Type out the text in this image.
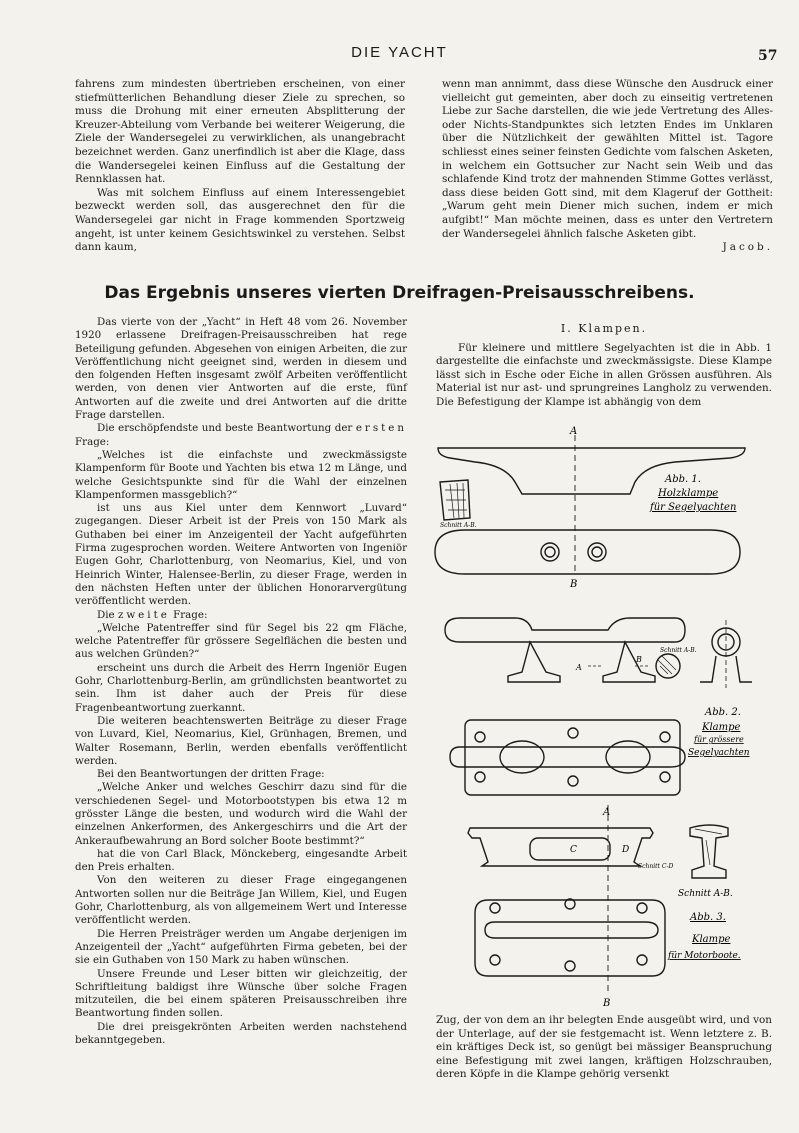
DIE YACHT	57

fahrens zum mindesten übertrieben erscheinen, von einer stiefmütterlichen Behandlung dieser Ziele zu sprechen, so muss die Drohung mit einer erneuten Absplitterung der Kreuzer-Abteilung vom Verbande bei weiterer Weigerung, die Ziele der Wandersegelei zu verwirklichen, als unangebracht bezeichnet werden. Ganz unerfindlich ist aber die Klage, dass die Wandersegelei keinen Einfluss auf die Gestaltung der Rennklassen hat.

Was mit solchem Einfluss auf einem Interessengebiet bezweckt werden soll, das ausgerechnet den für die Wandersegelei gar nicht in Frage kommenden Sportzweig angeht, ist unter keinem Gesichtswinkel zu verstehen. Selbst dann kaum,

wenn man annimmt, dass diese Wünsche den Ausdruck einer vielleicht gut gemeinten, aber doch zu einseitig vertretenen Liebe zur Sache darstellen, die wie jede Vertretung des Alles- oder Nichts-Standpunktes sich letzten Endes im Unklaren über die Nützlichkeit der gewählten Mittel ist. Tagore schliesst eines seiner feinsten Gedichte vom falschen Asketen, in welchem ein Gottsucher zur Nacht sein Weib und das schlafende Kind trotz der mahnenden Stimme Gottes verlässt, dass diese beiden Gott sind, mit dem Klageruf der Gottheit: „Warum geht mein Diener mich suchen, indem er mich aufgibt!“ Man möchte meinen, dass es unter den Vertretern der Wandersegelei ähnlich falsche Asketen gibt.

Jacob.
Das Ergebnis unseres vierten Dreifragen-Preisausschreibens.

Das vierte von der „Yacht“ in Heft 48 vom 26. November 1920 erlassene Dreifragen-Preisausschreiben hat rege Beteiligung gefunden. Abgesehen von einigen Arbeiten, die zur Veröffentlichung nicht geeignet sind, werden in diesem und den folgenden Heften insgesamt zwölf Arbeiten veröffentlicht werden, von denen vier Antworten auf die erste, fünf Antworten auf die zweite und drei Antworten auf die dritte Frage darstellen.

Die erschöpfendste und beste Beantwortung der ersten Frage:

„Welches ist die einfachste und zweckmässigste Klampenform für Boote und Yachten bis etwa 12 m Länge, und welche Gesichtspunkte sind für die Wahl der einzelnen Klampenformen massgeblich?“

ist uns aus Kiel unter dem Kennwort „Luvard“ zugegangen. Dieser Arbeit ist der Preis von 150 Mark als Guthaben bei einer im Anzeigenteil der Yacht aufgeführten Firma zugesprochen worden. Weitere Antworten von Ingeniör Eugen Gohr, Charlottenburg, von Neomarius, Kiel, und von Heinrich Winter, Halensee-Berlin, zu dieser Frage, werden in den nächsten Heften unter der üblichen Honorarvergütung veröffentlicht werden.

Die zweite Frage:

„Welche Patentreffer sind für Segel bis 22 qm Fläche, welche Patentreffer für grössere Segelflächen die besten und aus welchen Gründen?“

erscheint uns durch die Arbeit des Herrn Ingeniör Eugen Gohr, Charlottenburg-Berlin, am gründlichsten beantwortet zu sein. Ihm ist daher auch der Preis für diese Fragenbeantwortung zuerkannt.

Die weiteren beachtenswerten Beiträge zu dieser Frage von Luvard, Kiel, Neomarius, Kiel, Grünhagen, Bremen, und Walter Rosemann, Berlin, werden ebenfalls veröffentlicht werden.

Bei den Beantwortungen der dritten Frage:

„Welche Anker und welches Geschirr dazu sind für die verschiedenen Segel- und Motorbootstypen bis etwa 12 m grösster Länge die besten, und wodurch wird die Wahl der einzelnen Ankerformen, des Ankergeschirrs und die Art der Ankeraufbewahrung an Bord solcher Boote bestimmt?“

hat die von Carl Black, Mönckeberg, eingesandte Arbeit den Preis erhalten.

Von den weiteren zu dieser Frage eingegangenen Antworten sollen nur die Beiträge Jan Willem, Kiel, und Eugen Gohr, Charlottenburg, als von allgemeinem Wert und Interesse veröffentlicht werden.

Die Herren Preisträger werden um Angabe derjenigen im Anzeigenteil der „Yacht“ aufgeführten Firma gebeten, bei der sie ein Guthaben von 150 Mark zu haben wünschen.

Unsere Freunde und Leser bitten wir gleichzeitig, der Schriftleitung baldigst ihre Wünsche über solche Fragen mitzuteilen, die bei einem späteren Preisausschreiben ihre Beantwortung finden sollen.

Die drei preisgekrönten Arbeiten werden nachstehend bekanntgegeben.

I. Klampen.

Für kleinere und mittlere Segelyachten ist die in Abb. 1 dargestellte die einfachste und zweckmässigste. Diese Klampe lässt sich in Esche oder Eiche in allen Grössen ausführen. Als Material ist nur ast- und sprungreines Langholz zu verwenden. Die Befestigung der Klampe ist abhängig von dem

A
B
Abb. 1.
Holzklampe
für Segelyachten
Schnitt A-B.
A
B
Schnitt A-B.
Abb. 2.
Klampe
für grössere
Segelyachten
A
B
C	D
Schnitt C-D
Schnitt A-B.
Abb. 3.
Klampe
für Motorboote.

Zug, der von dem an ihr belegten Ende ausgeübt wird, und von der Unterlage, auf der sie festgemacht ist. Wenn letztere z. B. ein kräftiges Deck ist, so genügt bei mässiger Beanspruchung eine Befestigung mit zwei langen, kräftigen Holzschrauben, deren Köpfe in die Klampe gehörig versenkt
